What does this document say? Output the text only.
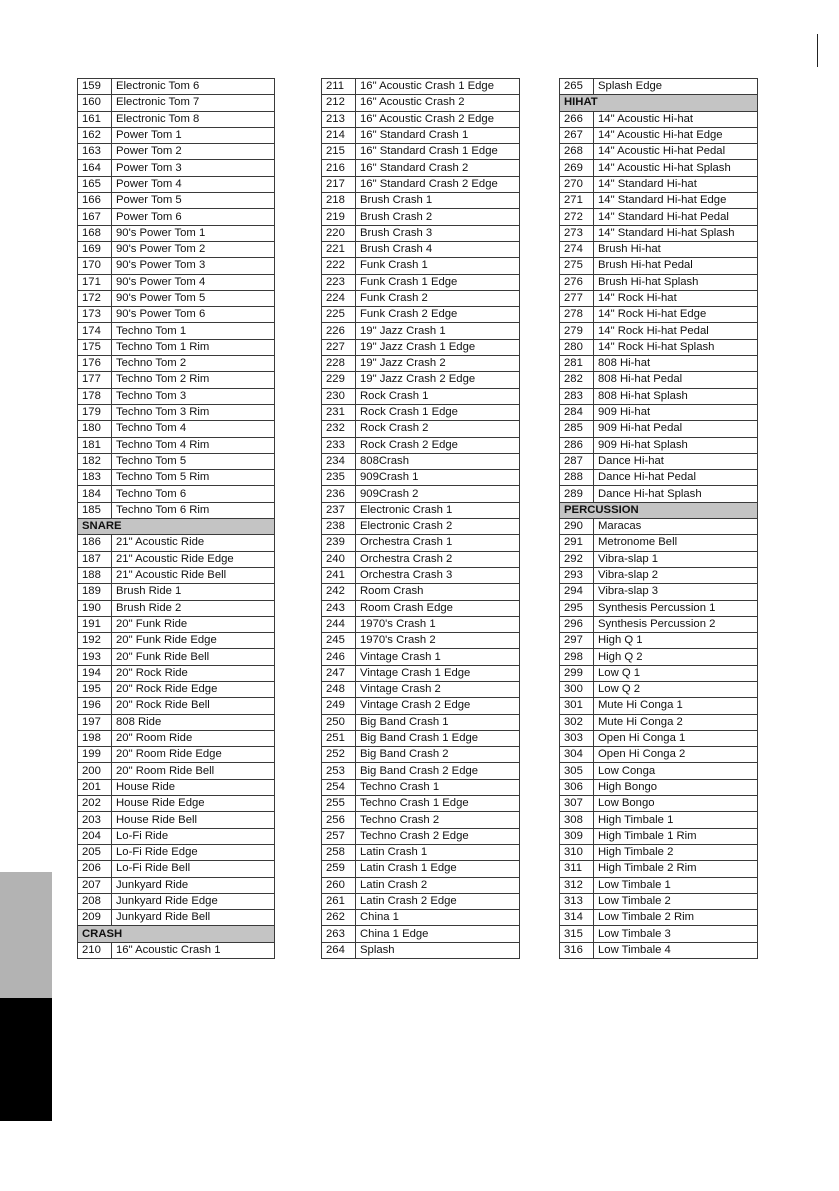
159	Electronic Tom 6
160	Electronic Tom 7
161	Electronic Tom 8
162	Power Tom 1
163	Power Tom 2
164	Power Tom 3
165	Power Tom 4
166	Power Tom 5
167	Power Tom 6
168	90's Power Tom 1
169	90's Power Tom 2
170	90's Power Tom 3
171	90's Power Tom 4
172	90's Power Tom 5
173	90's Power Tom 6
174	Techno Tom 1
175	Techno Tom 1 Rim
176	Techno Tom 2
177	Techno Tom 2 Rim
178	Techno Tom 3
179	Techno Tom 3 Rim
180	Techno Tom 4
181	Techno Tom 4 Rim
182	Techno Tom 5
183	Techno Tom 5 Rim
184	Techno Tom 6
185	Techno Tom 6 Rim
SNARE	
186	21" Acoustic Ride
187	21" Acoustic Ride Edge
188	21" Acoustic Ride Bell
189	Brush Ride 1
190	Brush Ride 2
191	20" Funk Ride
192	20" Funk Ride Edge
193	20" Funk Ride Bell
194	20" Rock Ride
195	20" Rock Ride Edge
196	20" Rock Ride Bell
197	808 Ride
198	20" Room Ride
199	20" Room Ride Edge
200	20" Room Ride Bell
201	House Ride
202	House Ride Edge
203	House Ride Bell
204	Lo-Fi Ride
205	Lo-Fi Ride Edge
206	Lo-Fi Ride Bell
207	Junkyard Ride
208	Junkyard Ride Edge
209	Junkyard Ride Bell
CRASH	
210	16" Acoustic Crash 1
211	16" Acoustic Crash 1 Edge
212	16" Acoustic Crash 2
213	16" Acoustic Crash 2 Edge
214	16" Standard Crash 1
215	16" Standard Crash 1 Edge
216	16" Standard Crash 2
217	16" Standard Crash 2 Edge
218	Brush Crash 1
219	Brush Crash 2
220	Brush Crash 3
221	Brush Crash 4
222	Funk Crash 1
223	Funk Crash 1 Edge
224	Funk Crash 2
225	Funk Crash 2 Edge
226	19" Jazz Crash 1
227	19" Jazz Crash 1 Edge
228	19" Jazz Crash 2
229	19" Jazz Crash 2 Edge
230	Rock Crash 1
231	Rock Crash 1 Edge
232	Rock Crash 2
233	Rock Crash 2 Edge
234	808Crash
235	909Crash 1
236	909Crash 2
237	Electronic Crash 1
238	Electronic Crash 2
239	Orchestra Crash 1
240	Orchestra Crash 2
241	Orchestra Crash 3
242	Room Crash
243	Room Crash Edge
244	1970's Crash 1
245	1970's Crash 2
246	Vintage Crash 1
247	Vintage Crash 1 Edge
248	Vintage Crash 2
249	Vintage Crash 2 Edge
250	Big Band Crash 1
251	Big Band Crash 1 Edge
252	Big Band Crash 2
253	Big Band Crash 2 Edge
254	Techno Crash 1
255	Techno Crash 1 Edge
256	Techno Crash 2
257	Techno Crash 2 Edge
258	Latin Crash 1
259	Latin Crash 1 Edge
260	Latin Crash 2
261	Latin Crash 2 Edge
262	China 1
263	China 1 Edge
264	Splash
265	Splash Edge
HIHAT	
266	14" Acoustic Hi-hat
267	14" Acoustic Hi-hat Edge
268	14" Acoustic Hi-hat Pedal
269	14" Acoustic Hi-hat Splash
270	14" Standard Hi-hat
271	14" Standard Hi-hat Edge
272	14" Standard Hi-hat Pedal
273	14" Standard Hi-hat Splash
274	Brush Hi-hat
275	Brush Hi-hat Pedal
276	Brush Hi-hat Splash
277	14" Rock Hi-hat
278	14" Rock Hi-hat Edge
279	14" Rock Hi-hat Pedal
280	14" Rock Hi-hat Splash
281	808 Hi-hat
282	808 Hi-hat Pedal
283	808 Hi-hat Splash
284	909 Hi-hat
285	909 Hi-hat Pedal
286	909 Hi-hat Splash
287	Dance Hi-hat
288	Dance Hi-hat Pedal
289	Dance Hi-hat Splash
PERCUSSION	
290	Maracas
291	Metronome Bell
292	Vibra-slap 1
293	Vibra-slap 2
294	Vibra-slap 3
295	Synthesis Percussion 1
296	Synthesis Percussion 2
297	High Q 1
298	High Q 2
299	Low Q 1
300	Low Q 2
301	Mute Hi Conga 1
302	Mute Hi Conga 2
303	Open Hi Conga 1
304	Open Hi Conga 2
305	Low Conga
306	High Bongo
307	Low Bongo
308	High Timbale 1
309	High Timbale 1 Rim
310	High Timbale 2
311	High Timbale 2 Rim
312	Low Timbale 1
313	Low Timbale 2
314	Low Timbale 2 Rim
315	Low Timbale 3
316	Low Timbale 4
